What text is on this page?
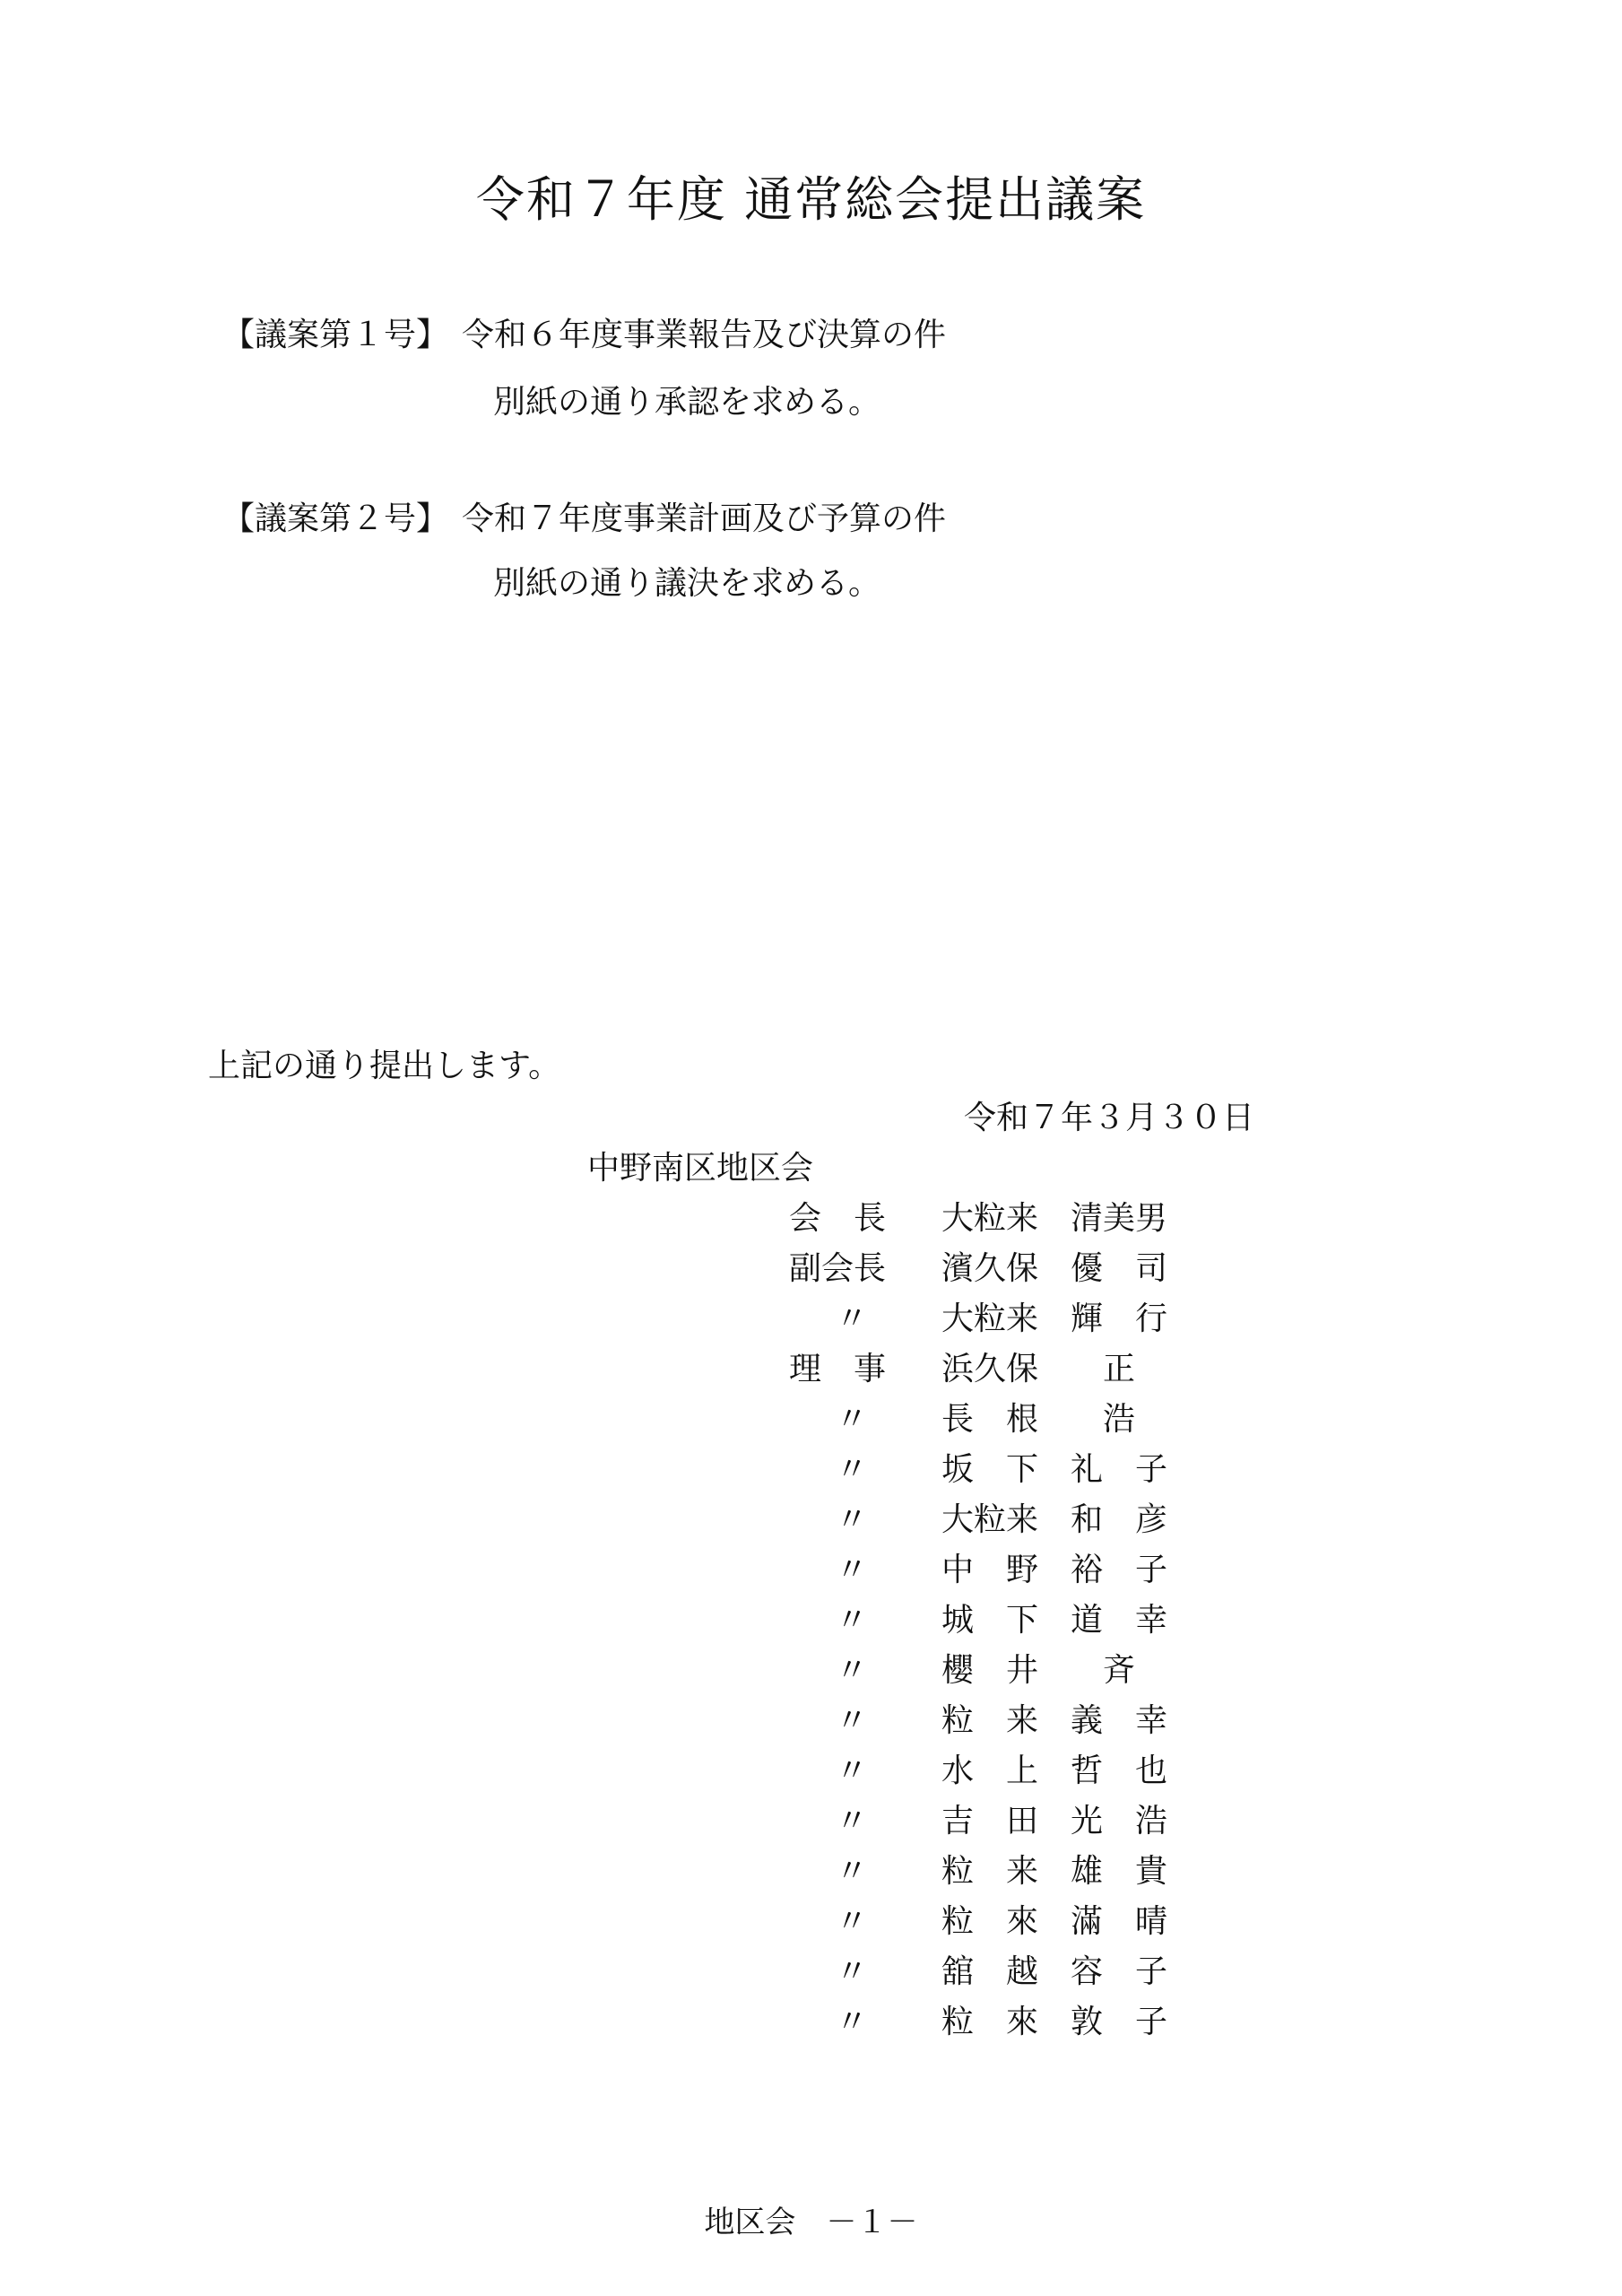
令和７年度 通常総会提出議案
【議案第１号】 令和６年度事業報告及び決算の件
別紙の通り承認を求める。
【議案第２号】 令和７年度事業計画及び予算の件
別紙の通り議決を求める。
上記の通り提出します。
令和７年３月３０日
中野南区地区会
会　長 大粒来　清美男
副会長 濱久保　優　司
〃	大粒来　輝　行
理　事 浜久保　　正
〃	長　根　　浩
〃	坂　下　礼　子
〃	大粒来　和　彦
〃	中　野　裕　子
〃	城　下　道　幸
〃	櫻　井　　斉
〃	粒　来　義　幸
〃	水　上　哲　也
〃	吉　田　光　浩
〃	粒　来　雄　貴
〃	粒　來　滿　晴
〃	舘　越　容　子
〃	粒　來　敦　子
地区会　－１－
